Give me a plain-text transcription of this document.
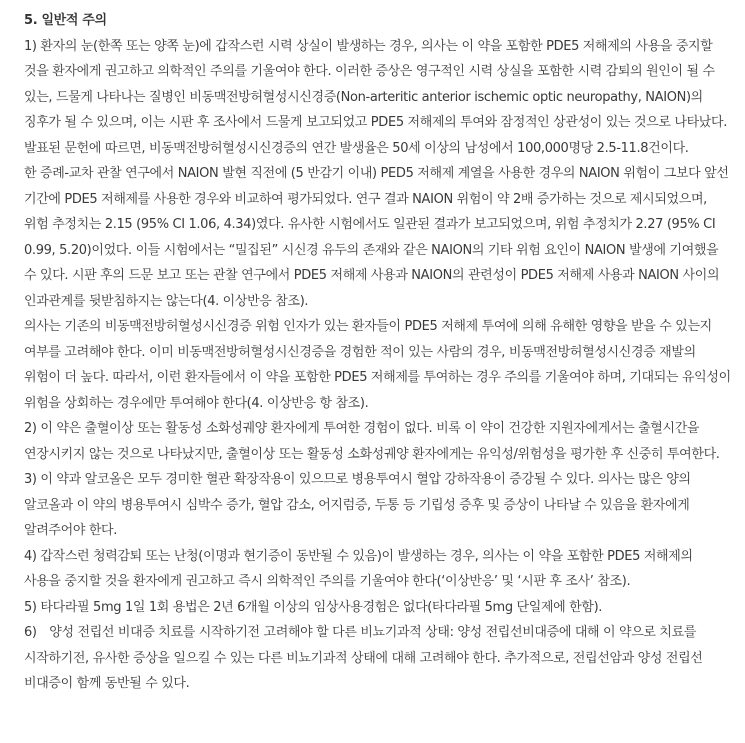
5. 일반적 주의

1) 환자의 눈(한쪽 또는 양쪽 눈)에 갑작스런 시력 상실이 발생하는 경우, 의사는 이 약을 포함한 PDE5 저해제의 사용을 중지할 것을 환자에게 권고하고 의학적인 주의를 기울여야 한다. 이러한 증상은 영구적인 시력 상실을 포함한 시력 감퇴의 원인이 될 수 있는, 드물게 나타나는 질병인 비동맥전방허혈성시신경증(Non-arteritic anterior ischemic optic neuropathy, NAION)의 징후가 될 수 있으며, 이는 시판 후 조사에서 드물게 보고되었고 PDE5 저해제의 투여와 잠정적인 상관성이 있는 것으로 나타났다. 발표된 문헌에 따르면, 비동맥전방허혈성시신경증의 연간 발생율은 50세 이상의 남성에서 100,000명당 2.5-11.8건이다.

한 증례-교차 관찰 연구에서 NAION 발현 직전에 (5 반감기 이내) PED5 저해제 계열을 사용한 경우의 NAION 위험이 그보다 앞선 기간에 PDE5 저해제를 사용한 경우와 비교하여 평가되었다. 연구 결과 NAION 위험이 약 2배 증가하는 것으로 제시되었으며, 위험 추정치는 2.15 (95% CI 1.06, 4.34)였다. 유사한 시험에서도 일관된 결과가 보고되었으며, 위험 추정치가 2.27 (95% CI 0.99, 5.20)이었다. 이들 시험에서는 “밀집된” 시신경 유두의 존재와 같은 NAION의 기타 위험 요인이 NAION 발생에 기여했을 수 있다. 시판 후의 드문 보고 또는 관찰 연구에서 PDE5 저해제 사용과 NAION의 관련성이 PDE5 저해제 사용과 NAION 사이의 인과관계를 뒷받침하지는 않는다(4. 이상반응 참조).

의사는 기존의 비동맥전방허혈성시신경증 위험 인자가 있는 환자들이 PDE5 저해제 투여에 의해 유해한 영향을 받을 수 있는지 여부를 고려해야 한다. 이미 비동맥전방허혈성시신경증을 경험한 적이 있는 사람의 경우, 비동맥전방허혈성시신경증 재발의 위험이 더 높다. 따라서, 이런 환자들에서 이 약을 포함한 PDE5 저해제를 투여하는 경우 주의를 기울여야 하며, 기대되는 유익성이 위험을 상회하는 경우에만 투여해야 한다(4. 이상반응 항 참조).

2) 이 약은 출혈이상 또는 활동성 소화성궤양 환자에게 투여한 경험이 없다. 비록 이 약이 건강한 지원자에게서는 출혈시간을 연장시키지 않는 것으로 나타났지만, 출혈이상 또는 활동성 소화성궤양 환자에게는 유익성/위험성을 평가한 후 신중히 투여한다.

3) 이 약과 알코올은 모두 경미한 혈관 확장작용이 있으므로 병용투여시 혈압 강하작용이 증강될 수 있다. 의사는 많은 양의 알코올과 이 약의 병용투여시 심박수 증가, 혈압 감소, 어지럼증, 두통 등 기립성 증후 및 증상이 나타날 수 있음을 환자에게 알려주어야 한다.

4) 갑작스런 청력감퇴 또는 난청(이명과 현기증이 동반될 수 있음)이 발생하는 경우, 의사는 이 약을 포함한 PDE5 저해제의 사용을 중지할 것을 환자에게 권고하고 즉시 의학적인 주의를 기울여야 한다(‘이상반응’ 및 ‘시판 후 조사’ 참조).

5) 타다라필 5mg 1일 1회 용법은 2년 6개월 이상의 임상사용경험은 없다(타다라필 5mg 단일제에 한함).

6)　양성 전립선 비대증 치료를 시작하기전 고려해야 할 다른 비뇨기과적 상태: 양성 전립선비대증에 대해 이 약으로 치료를 시작하기전, 유사한 증상을 일으킬 수 있는 다른 비뇨기과적 상태에 대해 고려해야 한다. 추가적으로, 전립선암과 양성 전립선 비대증이 함께 동반될 수 있다.
